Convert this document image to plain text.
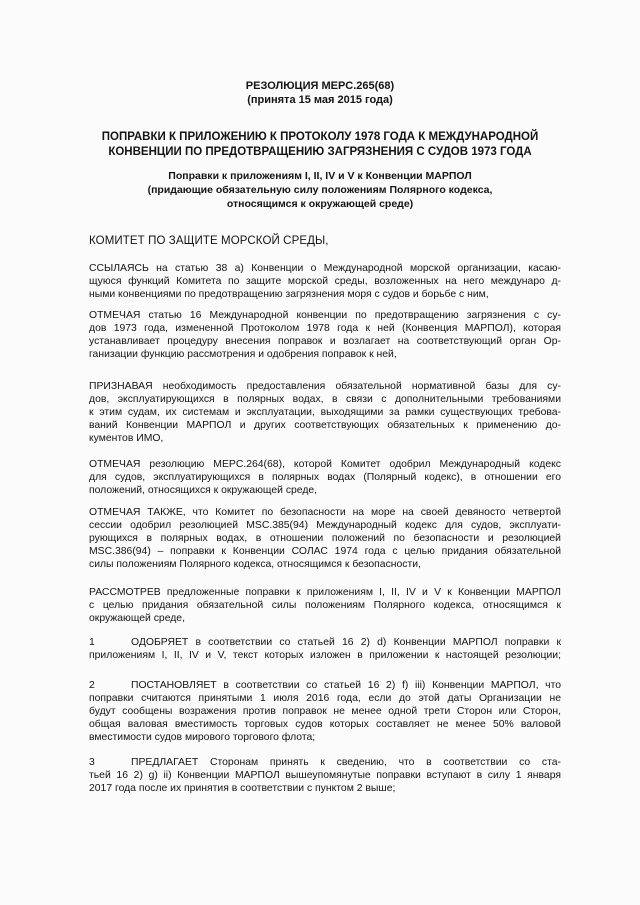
РЕЗОЛЮЦИЯ MEPC.265(68)
(принята 15 мая 2015 года)
ПОПРАВКИ К ПРИЛОЖЕНИЮ К ПРОТОКОЛУ 1978 ГОДА К МЕЖДУНАРОДНОЙ
КОНВЕНЦИИ ПО ПРЕДОТВРАЩЕНИЮ ЗАГРЯЗНЕНИЯ С СУДОВ 1973 ГОДА
Поправки к приложениям I, II, IV и V к Конвенции МАРПОЛ
(придающие обязательную силу положениям Полярного кодекса,
относящимся к окружающей среде)
КОМИТЕТ ПО ЗАЩИТЕ МОРСКОЙ СРЕДЫ,
ССЫЛАЯСЬ на статью 38 a) Конвенции о Международной морской организации, касаю-
щуюся функций Комитета по защите морской среды, возложенных на него междунаро д-
ными конвенциями по предотвращению загрязнения моря с судов и борьбе с ним,
ОТМЕЧАЯ статью 16 Международной конвенции по предотвращению загрязнения с су-
дов 1973 года, измененной Протоколом 1978 года к ней (Конвенция МАРПОЛ), которая
устанавливает процедуру внесения поправок и возлагает на соответствующий орган Ор-
ганизации функцию рассмотрения и одобрения поправок к ней,
ПРИЗНАВАЯ необходимость предоставления обязательной нормативной базы для су-
дов, эксплуатирующихся в полярных водах, в связи с дополнительными требованиями
к этим судам, их системам и эксплуатации, выходящими за рамки существующих требова-
ваний Конвенции МАРПОЛ и других соответствующих обязательных к применению до-
кументов ИМО,
ОТМЕЧАЯ резолюцию MEPC.264(68), которой Комитет одобрил Международный кодекс
для судов, эксплуатирующихся в полярных водах (Полярный кодекс), в отношении его
положений, относящихся к окружающей среде,
ОТМЕЧАЯ ТАКЖЕ, что Комитет по безопасности на море на своей девяносто четвертой
сессии одобрил резолюцией MSC.385(94) Международный кодекс для судов, эксплуати-
рующихся в полярных водах, в отношении положений по безопасности и резолюцией
MSC.386(94) – поправки к Конвенции СОЛАС 1974 года с целью придания обязательной
силы положениям Полярного кодекса, относящимся к безопасности,
РАССМОТРЕВ предложенные поправки к приложениям I, II, IV и V к Конвенции МАРПОЛ
с целью придания обязательной силы положениям Полярного кодекса, относящимся к
окружающей среде,
1	ОДОБРЯЕТ в соответствии со статьей 16 2) d) Конвенции МАРПОЛ поправки к
приложениям I, II, IV и V, текст которых изложен в приложении к настоящей резолюции;
2	ПОСТАНОВЛЯЕТ в соответствии со статьей 16 2) f) iii) Конвенции МАРПОЛ, что
поправки считаются принятыми 1 июля 2016 года, если до этой даты Организации не
будут сообщены возражения против поправок не менее одной трети Сторон или Сторон,
общая валовая вместимость торговых судов которых составляет не менее 50% валовой
вместимости судов мирового торгового флота;
3	ПРЕДЛАГАЕТ Сторонам принять к сведению, что в соответствии со ста-
тьей 16 2) g) ii) Конвенции МАРПОЛ вышеупомянутые поправки вступают в силу 1 января
2017 года после их принятия в соответствии с пунктом 2 выше;
